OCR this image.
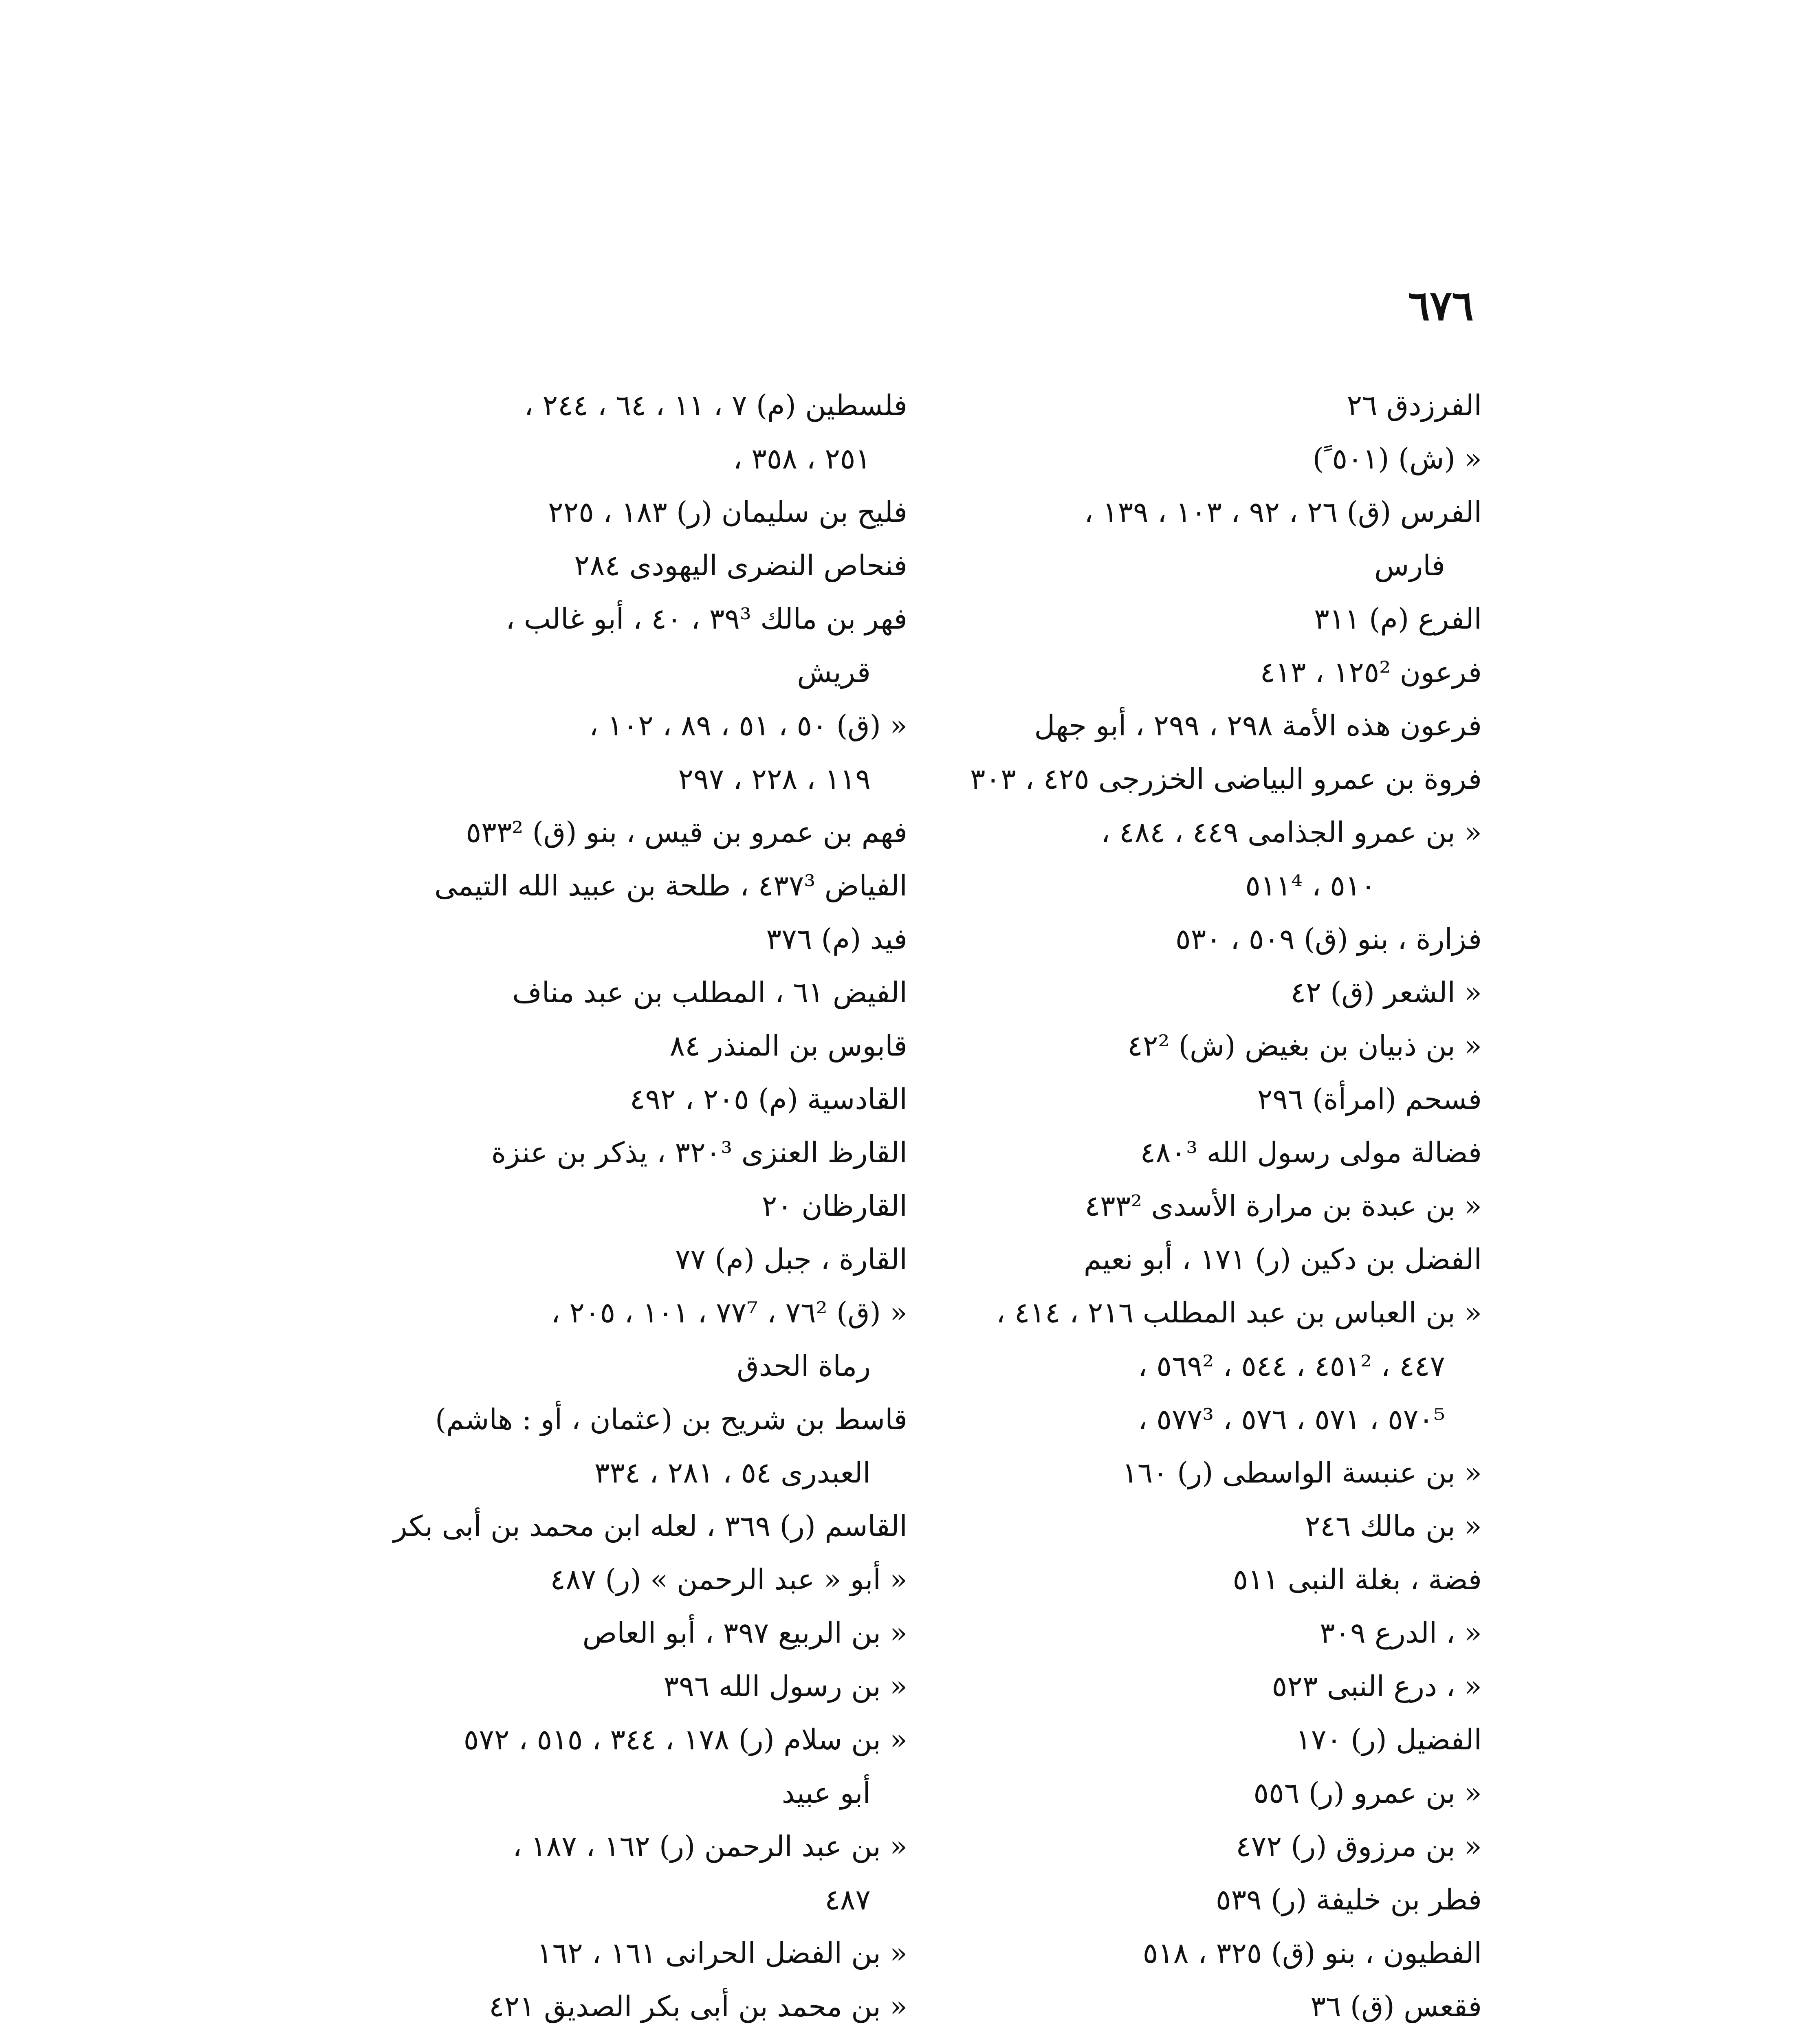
٦٧٦
الفرزدق ٢٦
« (ش) (٥٠١ ً)
الفرس (ق) ٢٦ ، ٩٢ ، ١٠٣ ، ١٣٩ ،
فارس
الفرع (م) ٣١١
فرعون ١٢٥² ، ٤١٣
فرعون هذه الأمة ٢٩٨ ، ٢٩٩ ، أبو جهل
فروة بن عمرو البياضى الخزرجى ٤٢٥ ، ٣٠٣
« بن عمرو الجذامى ٤٤٩ ، ٤٨٤ ،
٥١٠ ، ٥١١⁴
فزارة ، بنو (ق) ٥٠٩ ، ٥٣٠
« الشعر (ق) ٤٢
« بن ذبيان بن بغيض (ش) ٤٢²
فسحم (امرأة) ٢٩٦
فضالة مولى رسول الله ٤٨٠³
« بن عبدة بن مرارة الأسدى ٤٣٣²
الفضل بن دكين (ر) ١٧١ ، أبو نعيم
« بن العباس بن عبد المطلب ٢١٦ ، ٤١٤ ،
٤٤٧ ، ٤٥١² ، ٥٤٤ ، ٥٦٩² ،
٥٧٠⁵ ، ٥٧١ ، ٥٧٦ ، ٥٧٧³ ،
« بن عنبسة الواسطى (ر) ١٦٠
« بن مالك ٢٤٦
فضة ، بغلة النبى ٥١١
« ، الدرع ٣٠٩
« ، درع النبى ٥٢٣
الفضيل (ر) ١٧٠
« بن عمرو (ر) ٥٥٦
« بن مرزوق (ر) ٤٧٢
فطر بن خليفة (ر) ٥٣٩
الفطيون ، بنو (ق) ٣٢٥ ، ٥١٨
فقعس (ق) ٣٦
فلسطين (م) ٧ ، ١١ ، ٦٤ ، ٢٤٤ ،
٢٥١ ، ٣٥٨ ،
فليح بن سليمان (ر) ١٨٣ ، ٢٢٥
فنحاص النضرى اليهودى ٢٨٤
فهر بن مالك ٣٩³ ، ٤٠ ، أبو غالب ،
قريش
« (ق) ٥٠ ، ٥١ ، ٨٩ ، ١٠٢ ،
١١٩ ، ٢٢٨ ، ٢٩٧
فهم بن عمرو بن قيس ، بنو (ق) ٥٣٣²
الفياض ٤٣٧³ ، طلحة بن عبيد الله التيمى
فيد (م) ٣٧٦
الفيض ٦١ ، المطلب بن عبد مناف
قابوس بن المنذر ٨٤
القادسية (م) ٢٠٥ ، ٤٩٢
القارظ العنزى ٣٢٠³ ، يذكر بن عنزة
القارظان ٢٠
القارة ، جبل (م) ٧٧
« (ق) ٧٦² ، ٧٧⁷ ، ١٠١ ، ٢٠٥ ،
رماة الحدق
قاسط بن شريح بن (عثمان ، أو : هاشم)
العبدرى ٥٤ ، ٢٨١ ، ٣٣٤
القاسم (ر) ٣٦٩ ، لعله ابن محمد بن أبى بكر
« أبو « عبد الرحمن » (ر) ٤٨٧
« بن الربيع ٣٩٧ ، أبو العاص
« بن رسول الله ٣٩٦
« بن سلام (ر) ١٧٨ ، ٣٤٤ ، ٥١٥ ، ٥٧٢
أبو عبيد
« بن عبد الرحمن (ر) ١٦٢ ، ١٨٧ ،
٤٨٧
« بن الفضل الحرانى ١٦١ ، ١٦٢
« بن محمد بن أبى بكر الصديق ٤٢١
